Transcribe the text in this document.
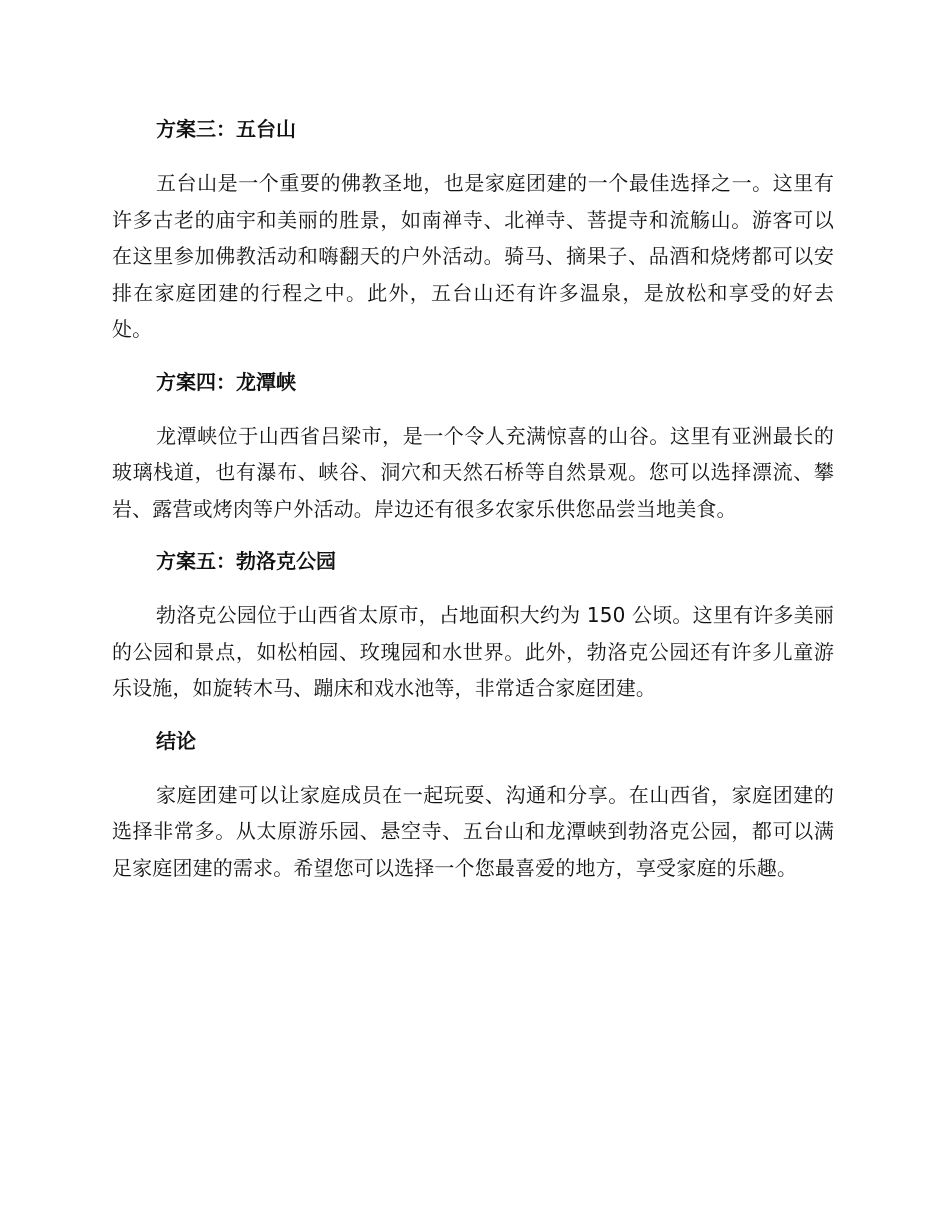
方案三：五台山

五台山是一个重要的佛教圣地，也是家庭团建的一个最佳选择之一。这里有许多古老的庙宇和美丽的胜景，如南禅寺、北禅寺、菩提寺和流觞山。游客可以在这里参加佛教活动和嗨翻天的户外活动。骑马、摘果子、品酒和烧烤都可以安排在家庭团建的行程之中。此外，五台山还有许多温泉，是放松和享受的好去处。

方案四：龙潭峡

龙潭峡位于山西省吕梁市，是一个令人充满惊喜的山谷。这里有亚洲最长的玻璃栈道，也有瀑布、峡谷、洞穴和天然石桥等自然景观。您可以选择漂流、攀岩、露营或烤肉等户外活动。岸边还有很多农家乐供您品尝当地美食。

方案五：勃洛克公园

勃洛克公园位于山西省太原市，占地面积大约为 150 公顷。这里有许多美丽的公园和景点，如松柏园、玫瑰园和水世界。此外，勃洛克公园还有许多儿童游乐设施，如旋转木马、蹦床和戏水池等，非常适合家庭团建。

结论

家庭团建可以让家庭成员在一起玩耍、沟通和分享。在山西省，家庭团建的选择非常多。从太原游乐园、悬空寺、五台山和龙潭峡到勃洛克公园，都可以满足家庭团建的需求。希望您可以选择一个您最喜爱的地方，享受家庭的乐趣。
